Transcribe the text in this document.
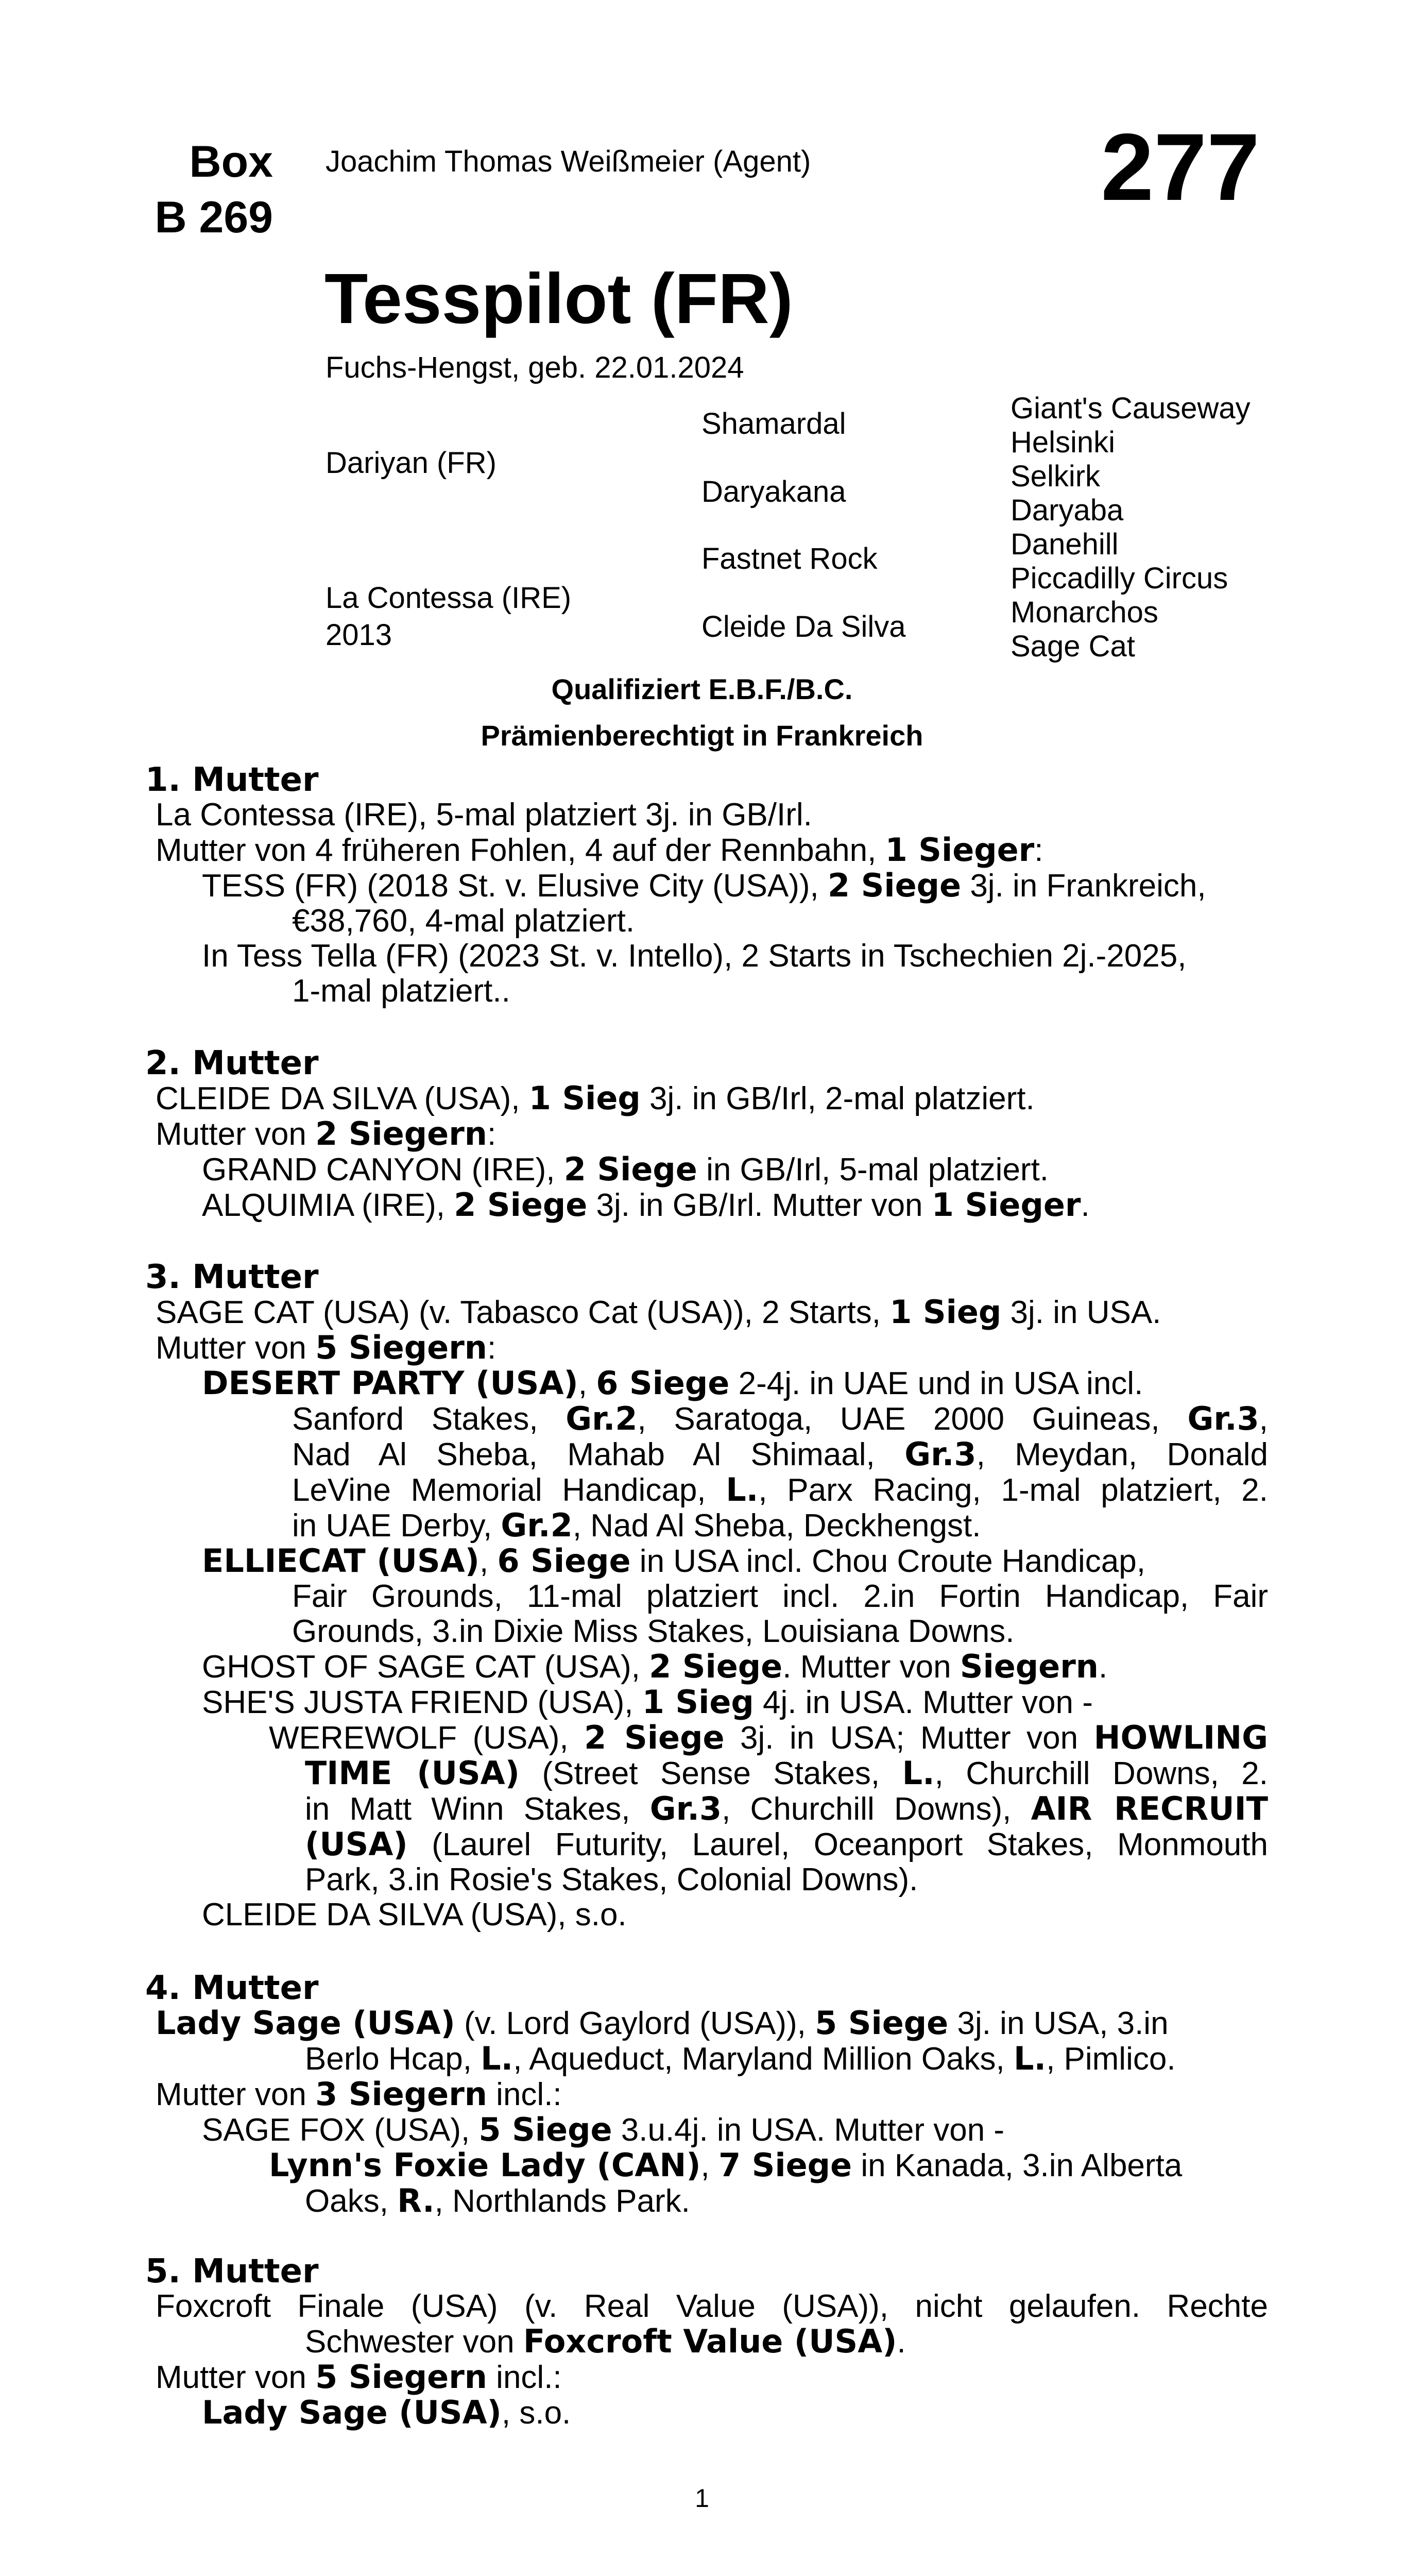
Box
B 269
Joachim Thomas Weißmeier (Agent)	277
Tesspilot (FR)
Fuchs-Hengst, geb. 22.01.2024
Dariyan (FR)
La Contessa (IRE)
2013
Shamardal
Daryakana
Fastnet Rock
Cleide Da Silva
Giant's Causeway
Helsinki
Selkirk
Daryaba
Danehill
Piccadilly Circus
Monarchos
Sage Cat
Qualifiziert E.B.F./B.C.
Prämienberechtigt in Frankreich
1. Mutter
La Contessa (IRE), 5-mal platziert 3j. in GB/Irl.
Mutter von 4 früheren Fohlen, 4 auf der Rennbahn, 1 Sieger:
TESS (FR) (2018 St. v. Elusive City (USA)), 2 Siege 3j. in Frankreich,
€38,760, 4-mal platziert.
In Tess Tella (FR) (2023 St. v. Intello), 2 Starts in Tschechien 2j.-2025,
1-mal platziert..
2. Mutter
CLEIDE DA SILVA (USA), 1 Sieg 3j. in GB/Irl, 2-mal platziert.
Mutter von 2 Siegern:
GRAND CANYON (IRE), 2 Siege in GB/Irl, 5-mal platziert.
ALQUIMIA (IRE), 2 Siege 3j. in GB/Irl. Mutter von 1 Sieger.
3. Mutter
SAGE CAT (USA) (v. Tabasco Cat (USA)), 2 Starts, 1 Sieg 3j. in USA.
Mutter von 5 Siegern:
DESERT PARTY (USA), 6 Siege 2-4j. in UAE und in USA incl.
Sanford Stakes, Gr.2, Saratoga, UAE 2000 Guineas, Gr.3,
Nad Al Sheba, Mahab Al Shimaal, Gr.3, Meydan, Donald
LeVine Memorial Handicap, L., Parx Racing, 1-mal platziert, 2.
in UAE Derby, Gr.2, Nad Al Sheba, Deckhengst.
ELLIECAT (USA), 6 Siege in USA incl. Chou Croute Handicap,
Fair Grounds, 11-mal platziert incl. 2.in Fortin Handicap, Fair
Grounds, 3.in Dixie Miss Stakes, Louisiana Downs.
GHOST OF SAGE CAT (USA), 2 Siege. Mutter von Siegern.
SHE'S JUSTA FRIEND (USA), 1 Sieg 4j. in USA. Mutter von -
WEREWOLF (USA), 2 Siege 3j. in USA; Mutter von HOWLING
TIME (USA) (Street Sense Stakes, L., Churchill Downs, 2.
in Matt Winn Stakes, Gr.3, Churchill Downs), AIR RECRUIT
(USA) (Laurel Futurity, Laurel, Oceanport Stakes, Monmouth
Park, 3.in Rosie's Stakes, Colonial Downs).
CLEIDE DA SILVA (USA), s.o.
4. Mutter
Lady Sage (USA) (v. Lord Gaylord (USA)), 5 Siege 3j. in USA, 3.in
Berlo Hcap, L., Aqueduct, Maryland Million Oaks, L., Pimlico.
Mutter von 3 Siegern incl.:
SAGE FOX (USA), 5 Siege 3.u.4j. in USA. Mutter von -
Lynn's Foxie Lady (CAN), 7 Siege in Kanada, 3.in Alberta
Oaks, R., Northlands Park.
5. Mutter
Foxcroft Finale (USA) (v. Real Value (USA)), nicht gelaufen. Rechte
Schwester von Foxcroft Value (USA).
Mutter von 5 Siegern incl.:
Lady Sage (USA), s.o.
1
